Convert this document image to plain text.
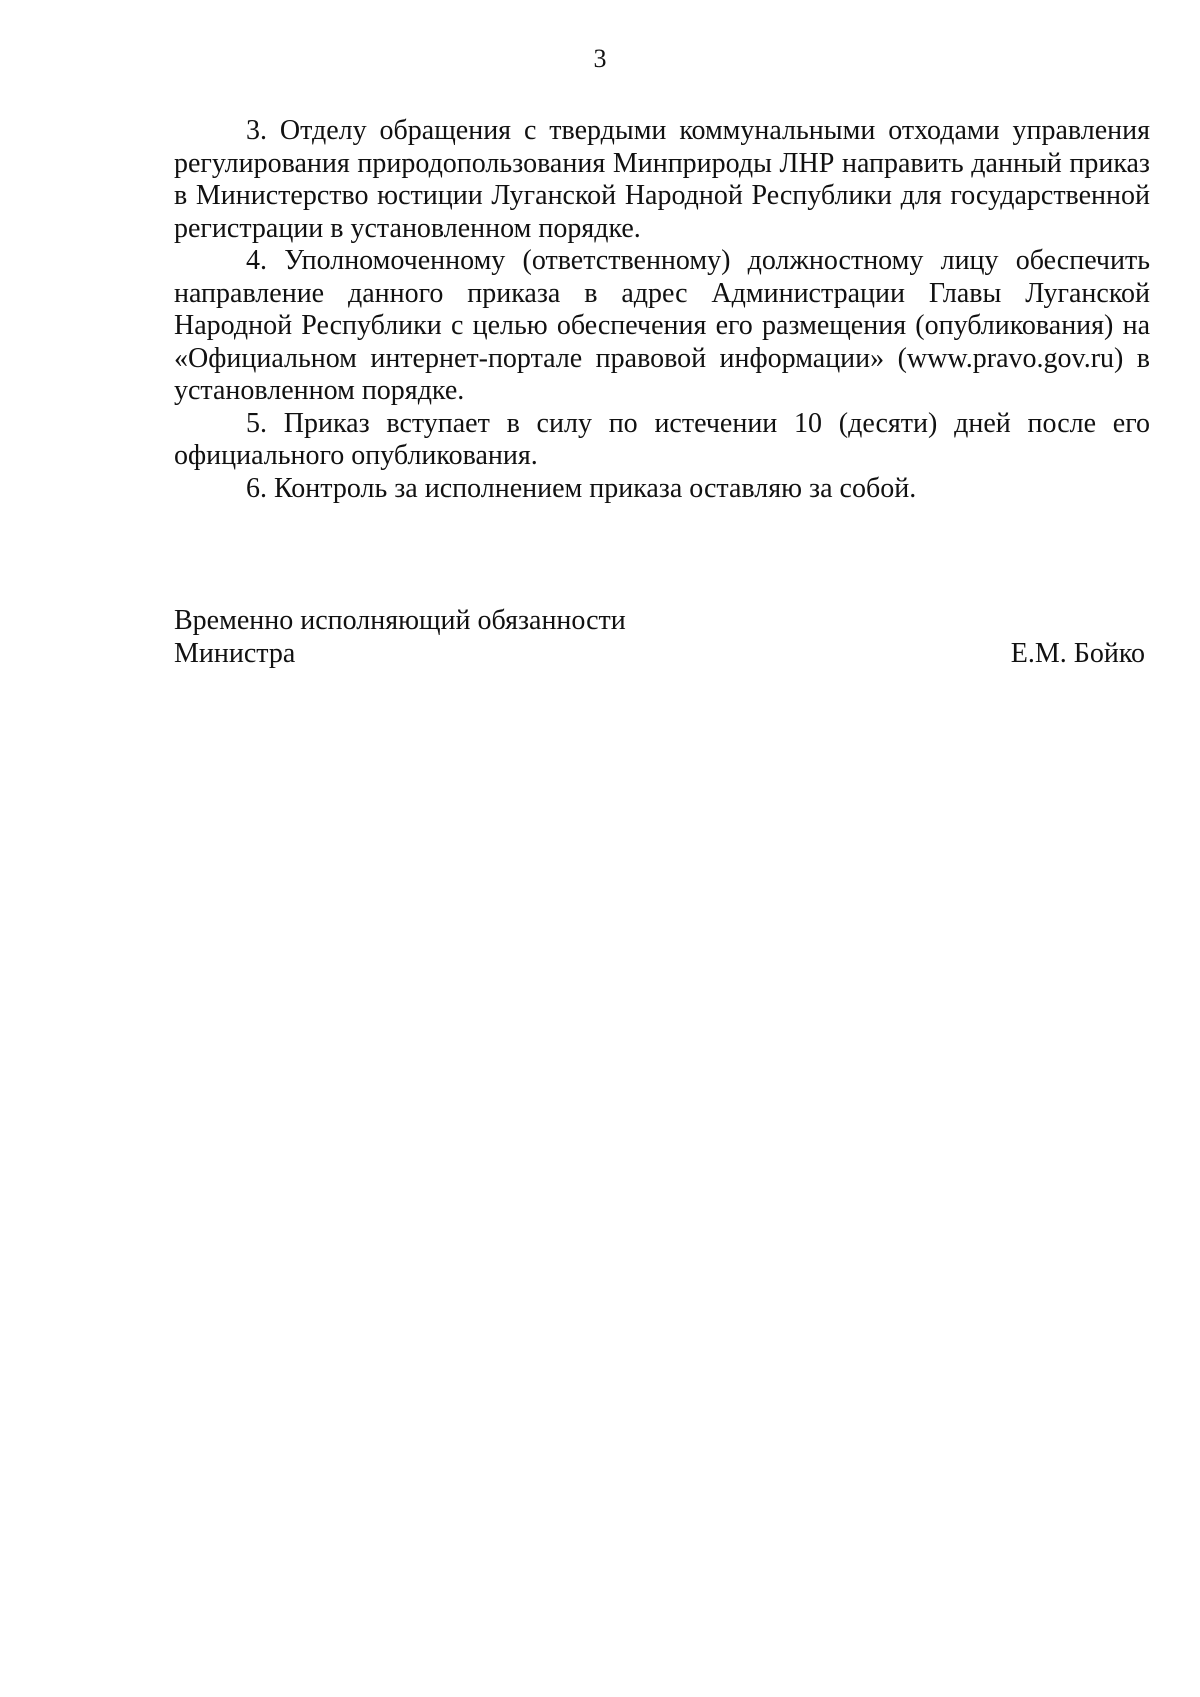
3

3. Отделу обращения с твердыми коммунальными отходами управления регулирования природопользования Минприроды ЛНР направить данный приказ в Министерство юстиции Луганской Народной Республики для государственной регистрации в установленном порядке.

4. Уполномоченному (ответственному) должностному лицу обеспечить направление данного приказа в адрес Администрации Главы Луганской Народной Республики с целью обеспечения его размещения (опубликования) на «Официальном интернет-портале правовой информации» (www.pravo.gov.ru) в установленном порядке.

5. Приказ вступает в силу по истечении 10 (десяти) дней после его официального опубликования.

6. Контроль за исполнением приказа оставляю за собой.

Временно исполняющий обязанности
Министра	Е.М. Бойко
